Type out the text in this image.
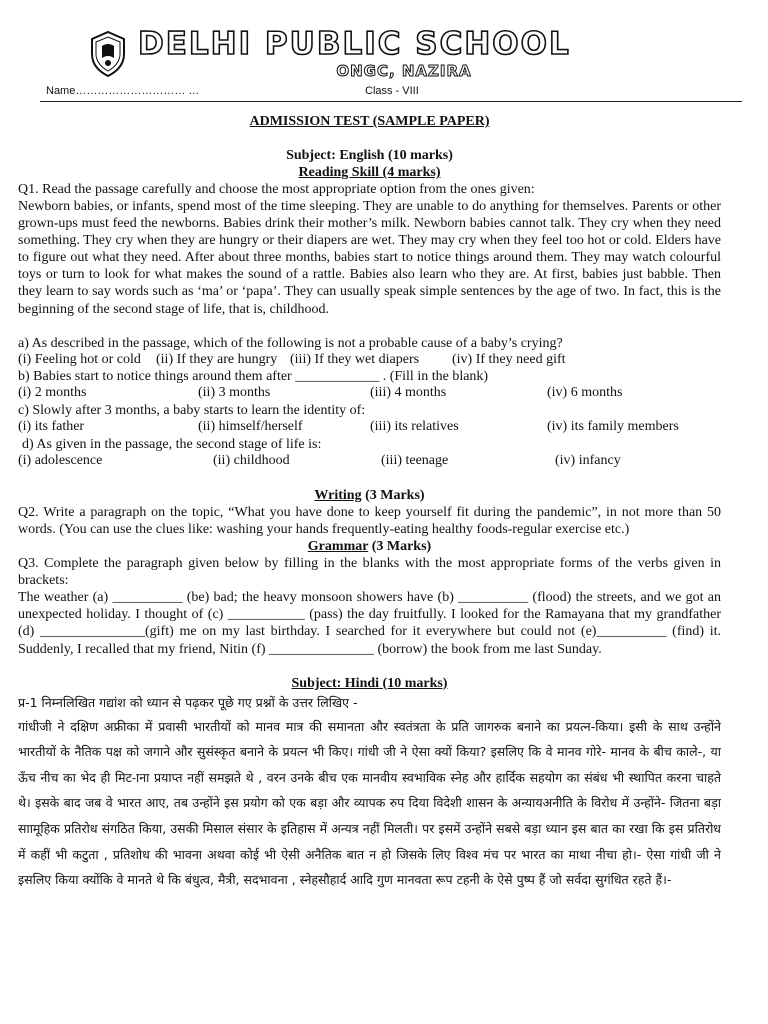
DELHI PUBLIC SCHOOL
ONGC, NAZIRA
Name………………………… …	Class - VIII
ADMISSION TEST (SAMPLE PAPER)
Subject: English (10 marks)
Reading Skill (4 marks)
Q1. Read the passage carefully and choose the most appropriate option from the ones given:

Newborn babies, or infants, spend most of the time sleeping. They are unable to do anything for themselves. Parents or other grown-ups must feed the newborns. Babies drink their mother’s milk. Newborn babies cannot talk. They cry when they need something. They cry when they are hungry or their diapers are wet. They may cry when they feel too hot or cold. Elders have to figure out what they need. After about three months, babies start to notice things around them. They may watch colourful toys or turn to look for what makes the sound of a rattle. Babies also learn who they are. At first, babies just babble. Then they learn to say words such as ‘ma’ or ‘papa’. They can usually speak simple sentences by the age of two. In fact, this is the beginning of the second stage of life, that is, childhood.

a) As described in the passage, which of the following is not a probable cause of a baby’s crying?
(i) Feeling hot or cold	(ii) If they are hungry (iii) If they wet diapers	(iv) If they need gift
b) Babies start to notice things around them after ____________ . (Fill in the blank)
(i) 2 months	(ii) 3 months	(iii) 4 months	(iv) 6 months
c) Slowly after 3 months, a baby starts to learn the identity of:
(i) its father	(ii) himself/herself	(iii) its relatives	(iv) its family members
d) As given in the passage, the second stage of life is:
(i) adolescence	(ii) childhood	(iii) teenage	(iv) infancy
Writing (3 Marks)

Q2. Write a paragraph on the topic, “What you have done to keep yourself fit during the pandemic”, in not more than 50 words. (You can use the clues like: washing your hands frequently-eating healthy foods-regular exercise etc.)

Grammar (3 Marks)

Q3. Complete the paragraph given below by filling in the blanks with the most appropriate forms of the verbs given in brackets:

The weather (a) __________ (be) bad; the heavy monsoon showers have (b) __________ (flood) the streets, and we got an unexpected holiday. I thought of (c) ___________ (pass) the day fruitfully. I looked for the Ramayana that my grandfather (d) _______________(gift) me on my last birthday. I searched for it everywhere but could not (e)__________ (find) it. Suddenly, I recalled that my friend, Nitin (f) _______________ (borrow) the book from me last Sunday.

Subject: Hindi (10 marks)
प्र-1 निम्नलिखित गद्यांश को ध्यान से पढ़कर पूछे गए प्रश्नों के उत्तर लिखिए -

गांधीजी ने दक्षिण अफ्रीका में प्रवासी भारतीयों को मानव मात्र की समानता और स्वतंत्रता के प्रति जागरुक बनाने का प्रयत्न-किया। इसी के साथ उन्होंने भारतीयों के नैतिक पक्ष को जगाने और सुसंस्कृत बनाने के प्रयत्न भी किए। गांधी जी ने ऐसा क्यों किया? इसलिए कि वे मानव गोरे- मानव के बीच काले-, या ऊँच नीच का भेद ही मिट-ाना प्रयाप्त नहीं समझते थे , वरन उनके बीच एक मानवीय स्वभाविक स्नेह और हार्दिक सहयोग का संबंध भी स्थापित करना चाहते थे। इसके बाद जब वे भारत आए, तब उन्होंने इस प्रयोग को एक बड़ा और व्यापक रुप दिया विदेशी शासन के अन्यायअनीति के विरोध में उन्होंने- जितना बड़ा साामूहिक प्रतिरोध संगठित किया, उसकी मिसाल संसार के इतिहास में अन्यत्र नहीं मिलती। पर इसमें उन्होंने सबसे बड़ा ध्यान इस बात का रखा कि इस प्रतिरोध में कहीं भी कटुता , प्रतिशोध की भावना अथवा कोई भी ऐसी अनैतिक बात न हो जिसके लिए विश्व मंच पर भारत का माथा नीचा हो।- ऐसा गांधी जी ने इसलिए किया क्योंकि वे मानते थे कि बंधुत्व, मैत्री, सदभावना , स्नेहसौहार्द आदि गुण मानवता रूप टहनी के ऐसे पुष्प हैं जो सर्वदा सुगंधित रहते हैं।-
